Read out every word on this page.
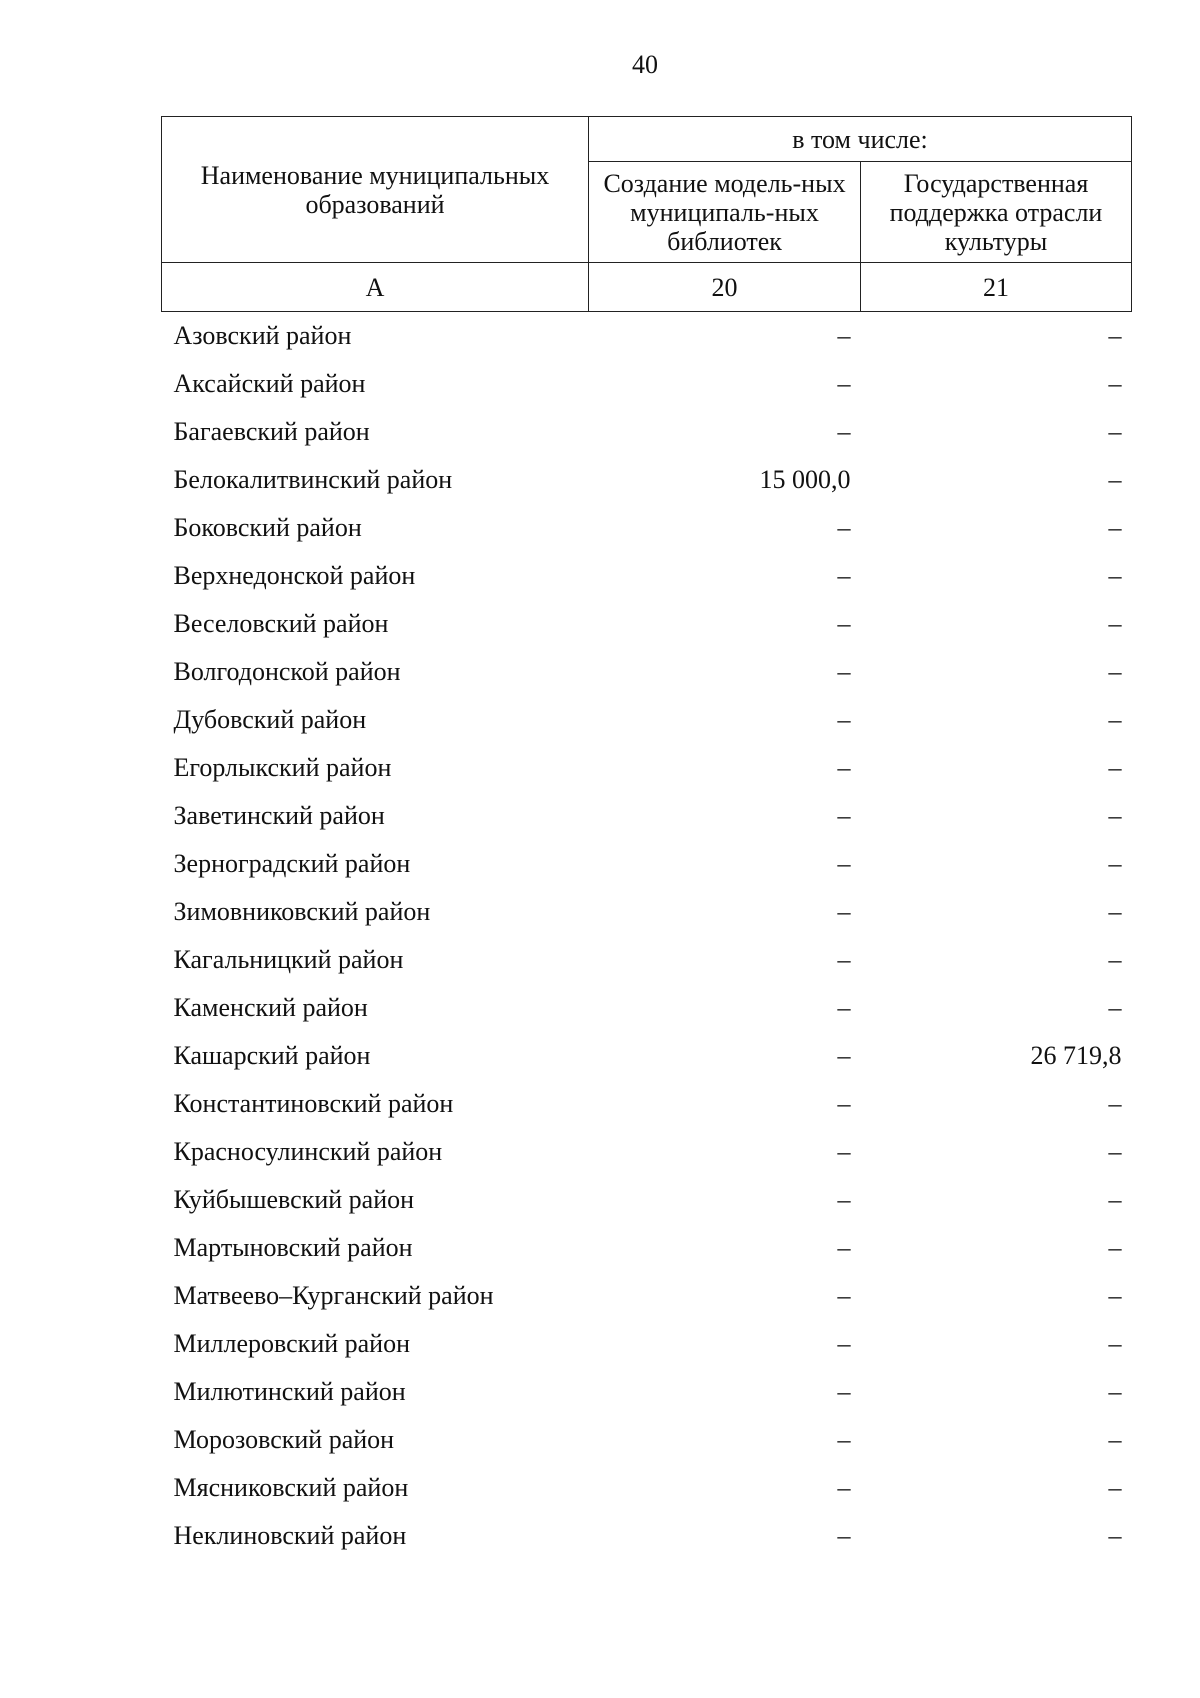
40
Наименование муниципальных образований	в том числе:	
	Создание модель-ных муниципаль-ных библиотек	Государственная поддержка отрасли культуры
А	20	21
Азовский район	–	–
Аксайский район	–	–
Багаевский район	–	–
Белокалитвинский район	15 000,0	–
Боковский район	–	–
Верхнедонской район	–	–
Веселовский район	–	–
Волгодонской район	–	–
Дубовский район	–	–
Егорлыкский район	–	–
Заветинский район	–	–
Зерноградский район	–	–
Зимовниковский район	–	–
Кагальницкий район	–	–
Каменский район	–	–
Кашарский район	–	26 719,8
Константиновский район	–	–
Красносулинский район	–	–
Куйбышевский район	–	–
Мартыновский район	–	–
Матвеево–Курганский район	–	–
Миллеровский район	–	–
Милютинский район	–	–
Морозовский район	–	–
Мясниковский район	–	–
Неклиновский район	–	–
